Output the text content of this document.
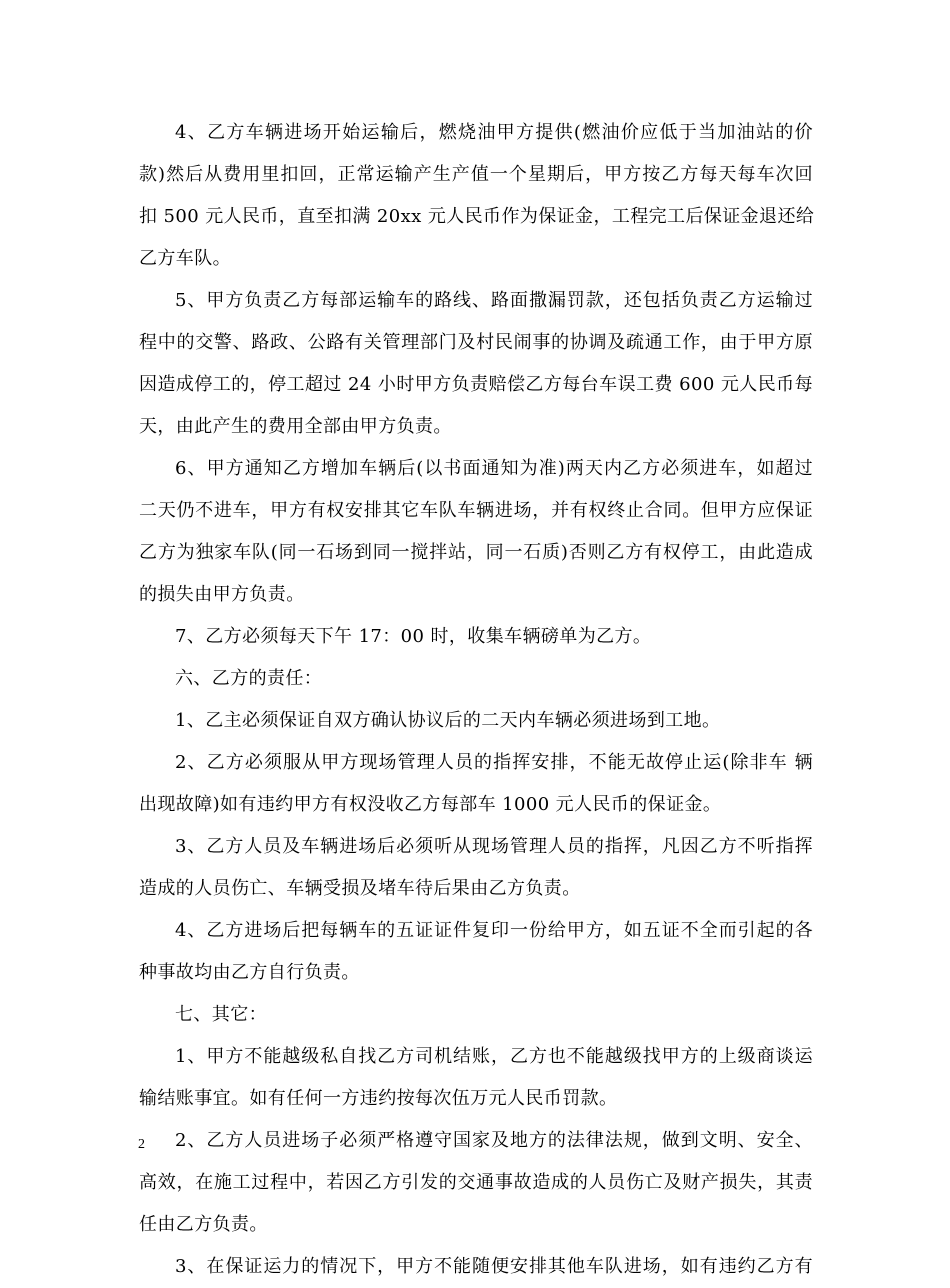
4、乙方车辆进场开始运输后，燃烧油甲方提供(燃油价应低于当加油站的价
款)然后从费用里扣回，正常运输产生产值一个星期后，甲方按乙方每天每车次回
扣 500 元人民币，直至扣满 20xx 元人民币作为保证金，工程完工后保证金退还给
乙方车队。
5、甲方负责乙方每部运输车的路线、路面撒漏罚款，还包括负责乙方运输过
程中的交警、路政、公路有关管理部门及村民闹事的协调及疏通工作，由于甲方原
因造成停工的，停工超过 24 小时甲方负责赔偿乙方每台车误工费 600 元人民币每
天，由此产生的费用全部由甲方负责。
6、甲方通知乙方增加车辆后(以书面通知为准)两天内乙方必须进车，如超过
二天仍不进车，甲方有权安排其它车队车辆进场，并有权终止合同。但甲方应保证
乙方为独家车队(同一石场到同一搅拌站，同一石质)否则乙方有权停工，由此造成
的损失由甲方负责。
7、乙方必须每天下午 17：00 时，收集车辆磅单为乙方。
六、乙方的责任：
1、乙主必须保证自双方确认协议后的二天内车辆必须进场到工地。
2、乙方必须服从甲方现场管理人员的指挥安排，不能无故停止运(除非车 辆
出现故障)如有违约甲方有权没收乙方每部车 1000 元人民币的保证金。
3、乙方人员及车辆进场后必须听从现场管理人员的指挥，凡因乙方不听指挥
造成的人员伤亡、车辆受损及堵车待后果由乙方负责。
4、乙方进场后把每辆车的五证证件复印一份给甲方，如五证不全而引起的各
种事故均由乙方自行负责。
七、其它：
1、甲方不能越级私自找乙方司机结账，乙方也不能越级找甲方的上级商谈运
输结账事宜。如有任何一方违约按每次伍万元人民币罚款。
2、乙方人员进场子必须严格遵守国家及地方的法律法规，做到文明、安全、
高效，在施工过程中，若因乙方引发的交通事故造成的人员伤亡及财产损失，其责
任由乙方负责。
3、在保证运力的情况下，甲方不能随便安排其他车队进场，如有违约乙方有
2
